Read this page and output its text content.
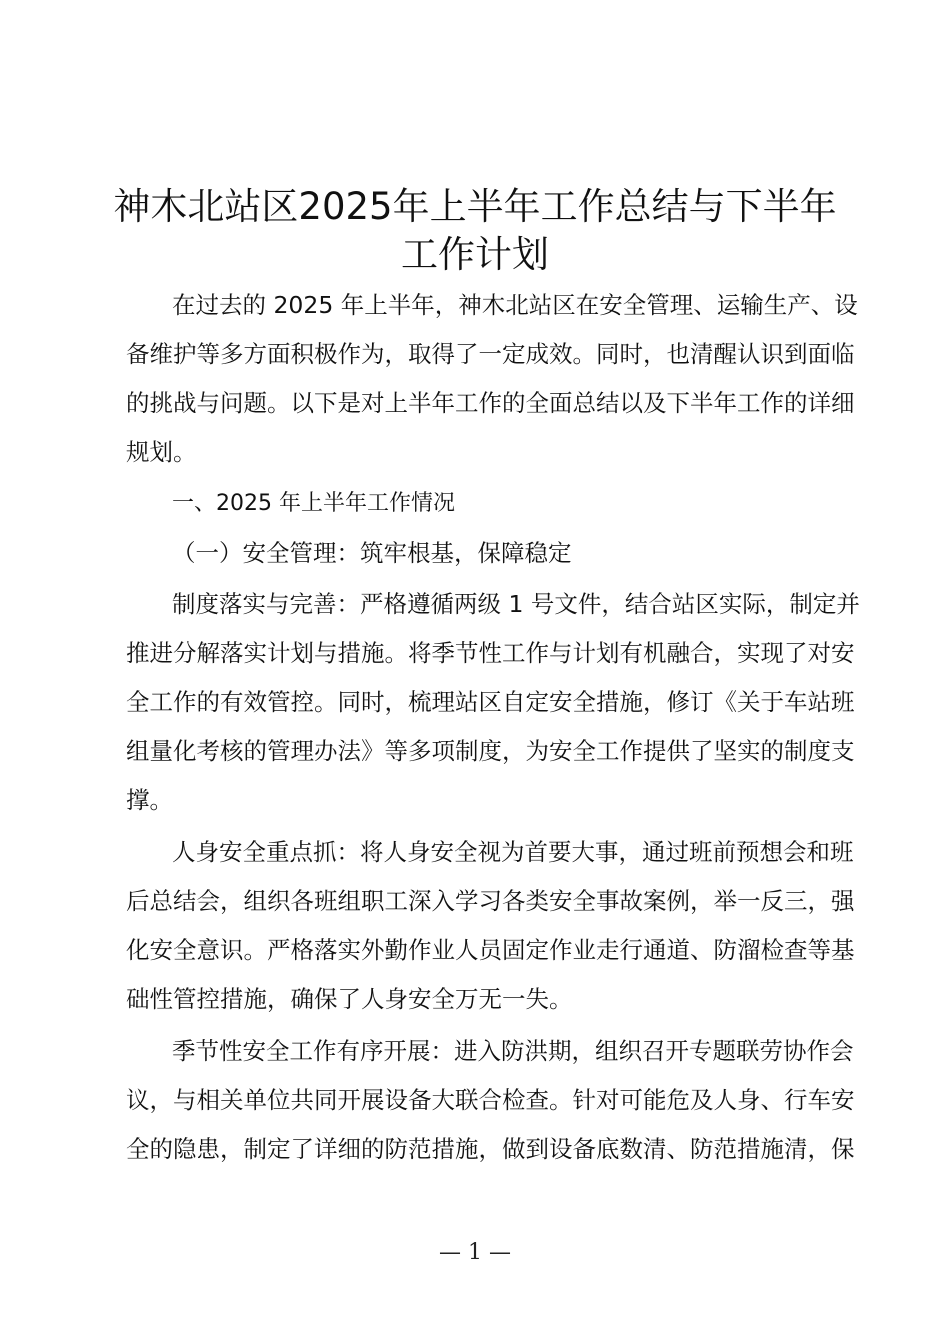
神木北站区2025年上半年工作总结与下半年
工作计划
在过去的 2025 年上半年，神木北站区在安全管理、运输生产、设
备维护等多方面积极作为，取得了一定成效。同时，也清醒认识到面临
的挑战与问题。以下是对上半年工作的全面总结以及下半年工作的详细
规划。
一、2025 年上半年工作情况
（一）安全管理：筑牢根基，保障稳定
制度落实与完善：严格遵循两级 1 号文件，结合站区实际，制定并
推进分解落实计划与措施。将季节性工作与计划有机融合，实现了对安
全工作的有效管控。同时，梳理站区自定安全措施，修订《关于车站班
组量化考核的管理办法》等多项制度，为安全工作提供了坚实的制度支
撑。
人身安全重点抓：将人身安全视为首要大事，通过班前预想会和班
后总结会，组织各班组职工深入学习各类安全事故案例，举一反三，强
化安全意识。严格落实外勤作业人员固定作业走行通道、防溜检查等基
础性管控措施，确保了人身安全万无一失。
季节性安全工作有序开展：进入防洪期，组织召开专题联劳协作会
议，与相关单位共同开展设备大联合检查。针对可能危及人身、行车安
全的隐患，制定了详细的防范措施，做到设备底数清、防范措施清，保
— 1 —
